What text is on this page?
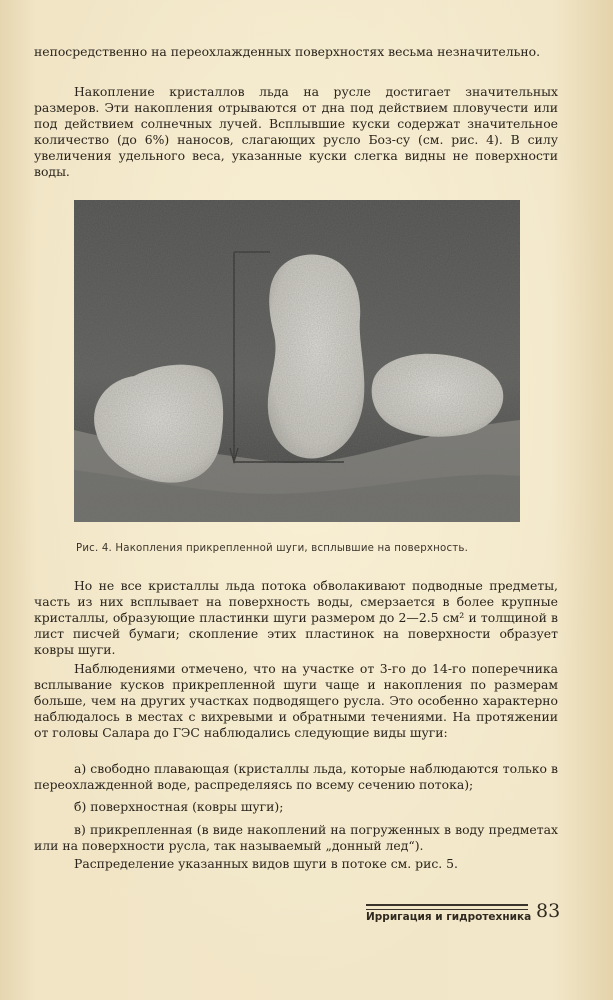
непосредственно на переохлажденных поверхностях весьма незначительно.

Накопление кристаллов льда на русле достигает значительных размеров. Эти накопления отрываются от дна под действием пловучести или под действием солнечных лучей. Всплывшие куски содержат значительное количество (до 6%) наносов, слагающих русло Боз-су (см. рис. 4). В силу увеличения удельного веса, указанные куски слегка видны не поверхности воды.

Рис. 4. Накопления прикрепленной шуги, всплывшие на поверхность.

Но не все кристаллы льда потока обволакивают подводные предметы, часть из них всплывает на поверхность воды, смерзается в более крупные кристаллы, образующие пластинки шуги размером до 2—2.5 см² и толщиной в лист писчей бумаги; скопление этих пластинок на поверхности образует ковры шуги.

Наблюдениями отмечено, что на участке от 3-го до 14-го поперечника всплывание кусков прикрепленной шуги чаще и накопления по размерам больше, чем на других участках подводящего русла. Это особенно характерно наблюдалось в местах с вихревыми и обратными течениями. На протяжении от головы Салара до ГЭС наблюдались следующие виды шуги:

а) свободно плавающая (кристаллы льда, которые наблюдаются только в переохлажденной воде, распределяясь по всему сечению потока);

б) поверхностная (ковры шуги);

в) прикрепленная (в виде накоплений на погруженных в воду предметах или на поверхности русла, так называемый „донный лед“).

Распределение указанных видов шуги в потоке см. рис. 5.

Ирригация и гидротехника 83
